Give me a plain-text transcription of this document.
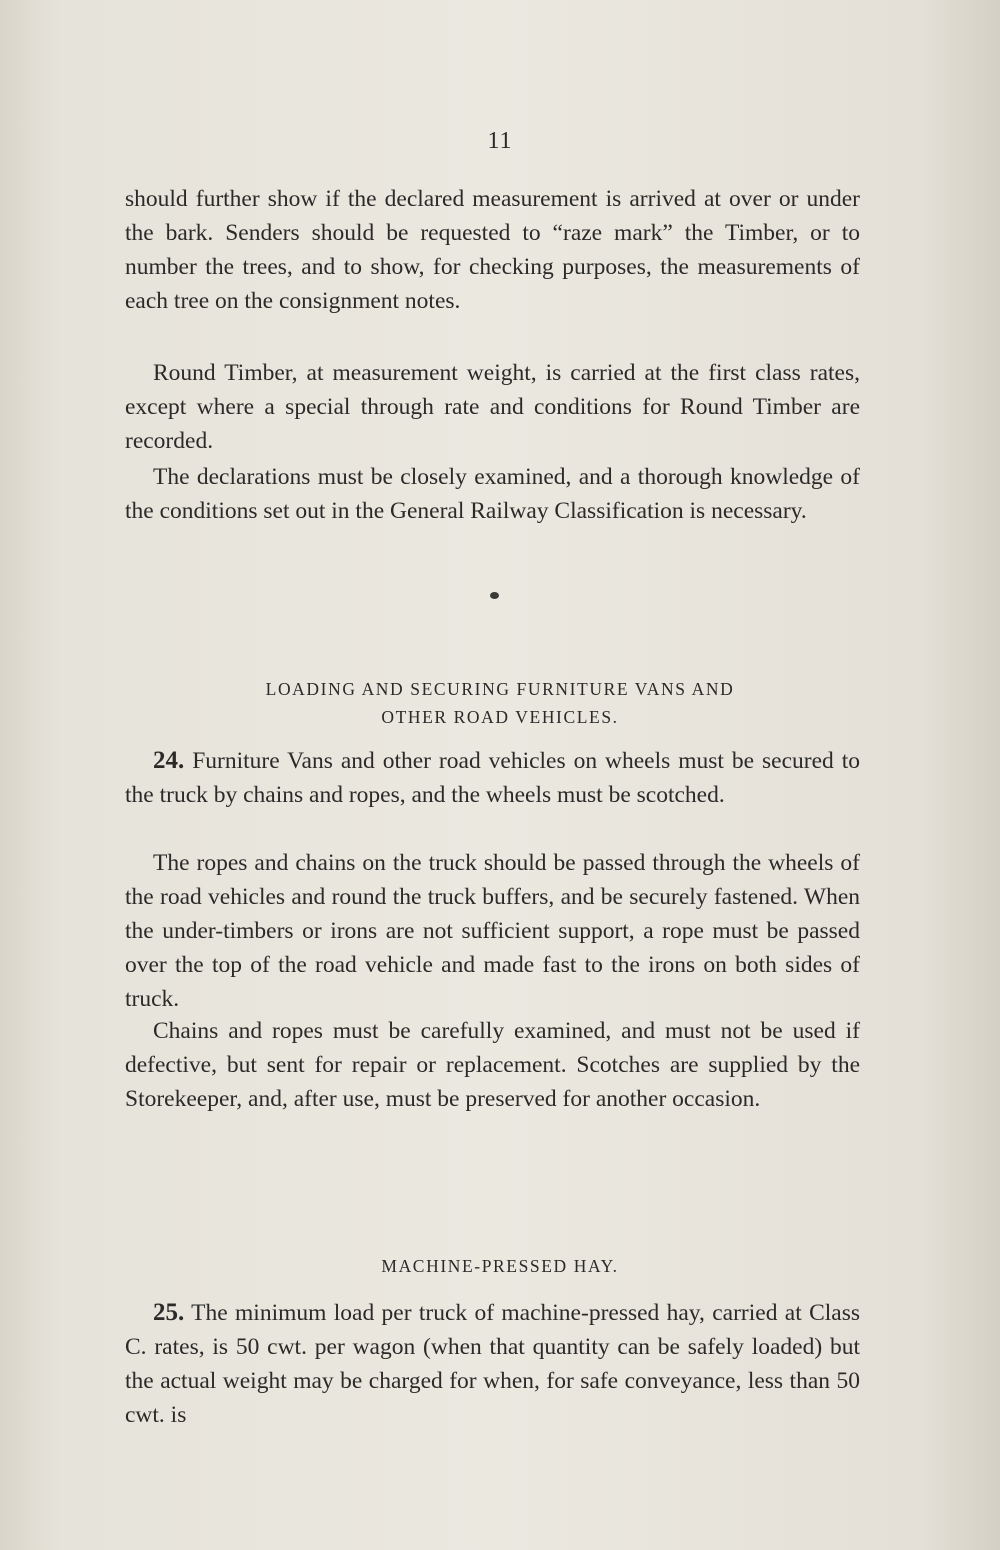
11

should further show if the declared measurement is arrived at over or under the bark. Senders should be requested to “raze mark” the Timber, or to number the trees, and to show, for checking purposes, the measurements of each tree on the consignment notes.

Round Timber, at measurement weight, is carried at the first class rates, except where a special through rate and conditions for Round Timber are recorded.

The declarations must be closely examined, and a thorough knowledge of the conditions set out in the General Railway Classification is necessary.

LOADING AND SECURING FURNITURE VANS AND
OTHER ROAD VEHICLES.

24. Furniture Vans and other road vehicles on wheels must be secured to the truck by chains and ropes, and the wheels must be scotched.

The ropes and chains on the truck should be passed through the wheels of the road vehicles and round the truck buffers, and be securely fastened. When the under-timbers or irons are not sufficient support, a rope must be passed over the top of the road vehicle and made fast to the irons on both sides of truck.

Chains and ropes must be carefully examined, and must not be used if defective, but sent for repair or replacement. Scotches are supplied by the Storekeeper, and, after use, must be preserved for another occasion.

MACHINE-PRESSED HAY.

25. The minimum load per truck of machine-pressed hay, carried at Class C. rates, is 50 cwt. per wagon (when that quantity can be safely loaded) but the actual weight may be charged for when, for safe conveyance, less than 50 cwt. is
